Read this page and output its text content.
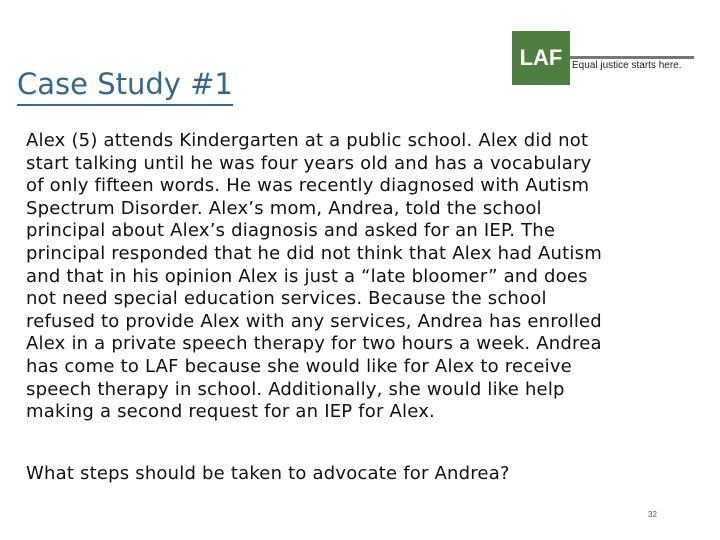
Case Study #1
LAF Equal justice starts here.

Alex (5) attends Kindergarten at a public school. Alex did not
start talking until he was four years old and has a vocabulary
of only fifteen words. He was recently diagnosed with Autism
Spectrum Disorder. Alex’s mom, Andrea, told the school
principal about Alex’s diagnosis and asked for an IEP. The
principal responded that he did not think that Alex had Autism
and that in his opinion Alex is just a “late bloomer” and does
not need special education services. Because the school
refused to provide Alex with any services, Andrea has enrolled
Alex in a private speech therapy for two hours a week. Andrea
has come to LAF because she would like for Alex to receive
speech therapy in school. Additionally, she would like help
making a second request for an IEP for Alex.

What steps should be taken to advocate for Andrea?

32
